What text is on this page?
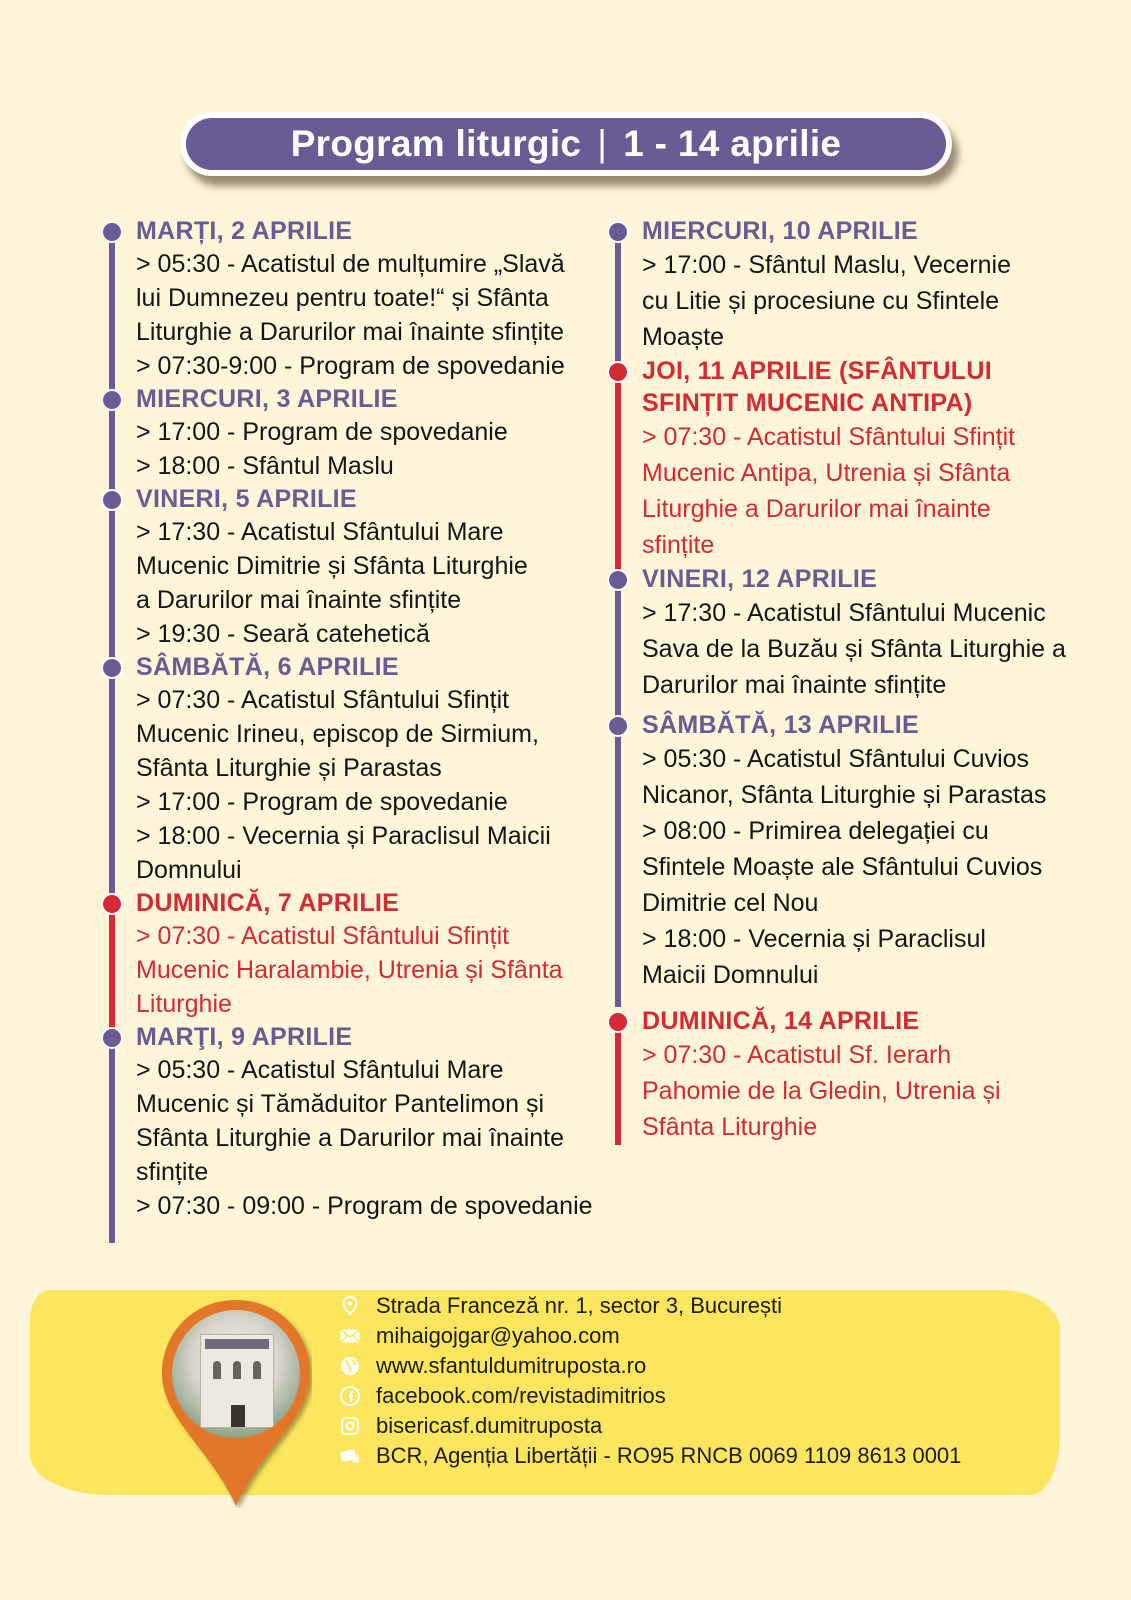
Program liturgic | 1 - 14 aprilie
MARȚI, 2 APRILIE
> 05:30 - Acatistul de mulțumire „Slavă
lui Dumnezeu pentru toate!“ și Sfânta
Liturghie a Darurilor mai înainte sfințite
> 07:30-9:00 - Program de spovedanie
MIERCURI, 3 APRILIE
> 17:00 - Program de spovedanie
> 18:00 - Sfântul Maslu
VINERI, 5 APRILIE
> 17:30 - Acatistul Sfântului Mare
Mucenic Dimitrie și Sfânta Liturghie
a Darurilor mai înainte sfințite
> 19:30 - Seară catehetică
SÂMBĂTĂ, 6 APRILIE
> 07:30 - Acatistul Sfântului Sfințit
Mucenic Irineu, episcop de Sirmium,
Sfânta Liturghie și Parastas
> 17:00 - Program de spovedanie
> 18:00 - Vecernia și Paraclisul Maicii
Domnului
DUMINICĂ, 7 APRILIE
> 07:30 - Acatistul Sfântului Sfințit
Mucenic Haralambie, Utrenia și Sfânta
Liturghie
MARŢI, 9 APRILIE
> 05:30 - Acatistul Sfântului Mare
Mucenic și Tămăduitor Pantelimon și
Sfânta Liturghie a Darurilor mai înainte
sfințite
> 07:30 - 09:00 - Program de spovedanie
MIERCURI, 10 APRILIE
> 17:00 - Sfântul Maslu, Vecernie
cu Litie și procesiune cu Sfintele
Moaște
JOI, 11 APRILIE (SFÂNTULUI
SFINȚIT MUCENIC ANTIPA)
> 07:30 - Acatistul Sfântului Sfințit
Mucenic Antipa, Utrenia și Sfânta
Liturghie a Darurilor mai înainte
sfințite
VINERI, 12 APRILIE
> 17:30 - Acatistul Sfântului Mucenic
Sava de la Buzău și Sfânta Liturghie a
Darurilor mai înainte sfințite
SÂMBĂTĂ, 13 APRILIE
> 05:30 - Acatistul Sfântului Cuvios
Nicanor, Sfânta Liturghie și Parastas
> 08:00 - Primirea delegației cu
Sfintele Moaște ale Sfântului Cuvios
Dimitrie cel Nou
> 18:00 - Vecernia și Paraclisul
Maicii Domnului
DUMINICĂ, 14 APRILIE
> 07:30 - Acatistul Sf. Ierarh
Pahomie de la Gledin, Utrenia și
Sfânta Liturghie
Strada Franceză nr. 1, sector 3, București
mihaigojgar@yahoo.com
www.sfantuldumitruposta.ro
facebook.com/revistadimitrios
bisericasf.dumitruposta
BCR, Agenția Libertății - RO95 RNCB 0069 1109 8613 0001
